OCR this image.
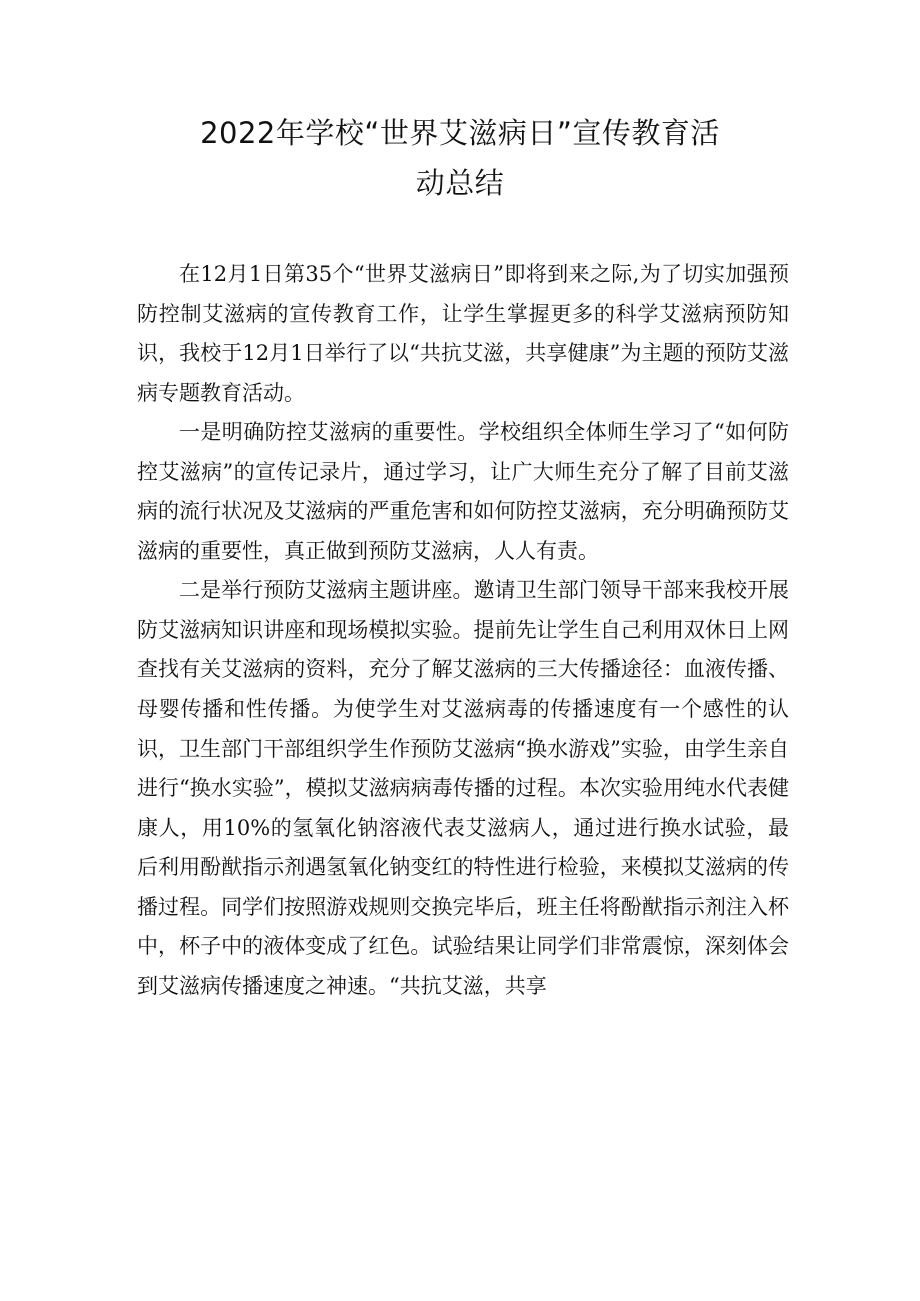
2022年学校“世界艾滋病日”宣传教育活
动总结

在12月1日第35个“世界艾滋病日”即将到来之际,为了切实加强预防控制艾滋病的宣传教育工作，让学生掌握更多的科学艾滋病预防知识，我校于12月1日举行了以“共抗艾滋，共享健康”为主题的预防艾滋病专题教育活动。

一是明确防控艾滋病的重要性。学校组织全体师生学习了“如何防控艾滋病”的宣传记录片，通过学习，让广大师生充分了解了目前艾滋病的流行状况及艾滋病的严重危害和如何防控艾滋病，充分明确预防艾滋病的重要性，真正做到预防艾滋病，人人有责。

二是举行预防艾滋病主题讲座。邀请卫生部门领导干部来我校开展防艾滋病知识讲座和现场模拟实验。提前先让学生自己利用双休日上网查找有关艾滋病的资料，充分了解艾滋病的三大传播途径：血液传播、母婴传播和性传播。为使学生对艾滋病毒的传播速度有一个感性的认识，卫生部门干部组织学生作预防艾滋病“换水游戏”实验，由学生亲自进行“换水实验”，模拟艾滋病病毒传播的过程。本次实验用纯水代表健康人，用10%的氢氧化钠溶液代表艾滋病人，通过进行换水试验，最后利用酚猷指示剂遇氢氧化钠变红的特性进行检验，来模拟艾滋病的传播过程。同学们按照游戏规则交换完毕后，班主任将酚猷指示剂注入杯中，杯子中的液体变成了红色。试验结果让同学们非常震惊，深刻体会到艾滋病传播速度之神速。“共抗艾滋，共享
